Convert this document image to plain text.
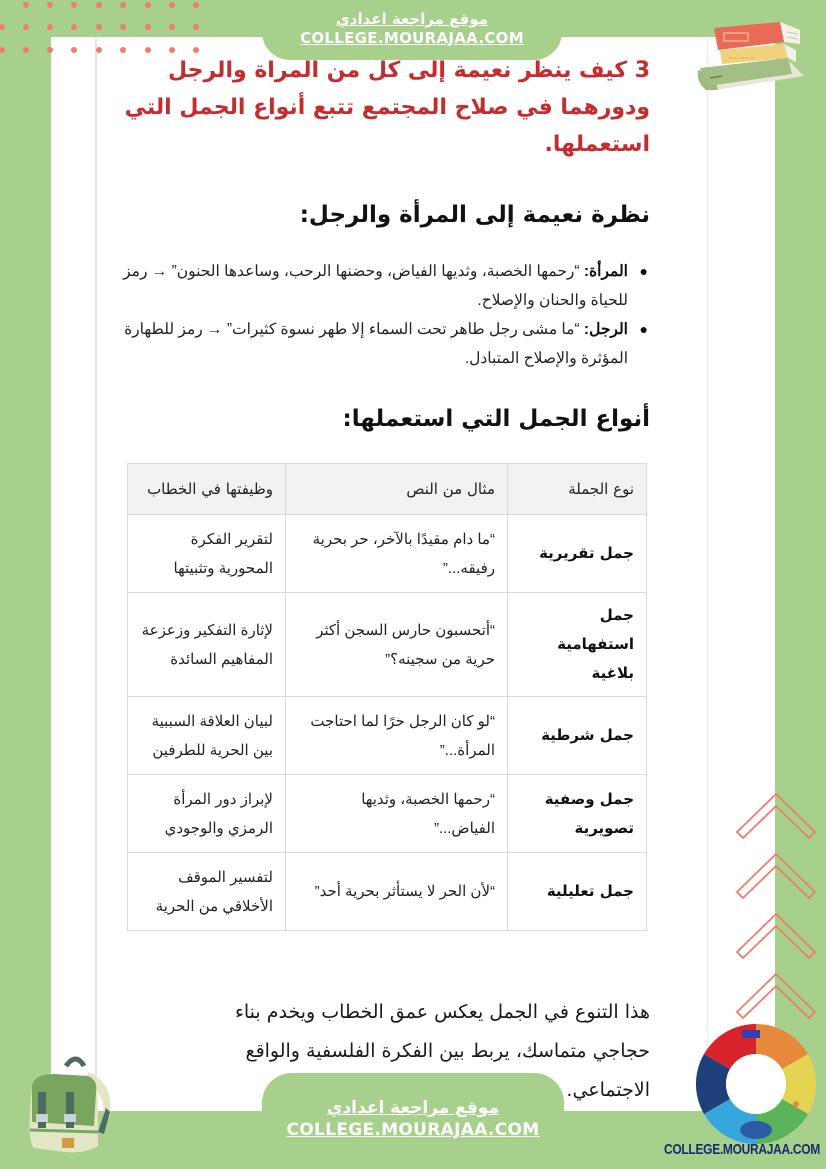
موقع مراجعة اعدادي
COLLEGE.MOURAJAA.COM
~~ ~~~
3 كيف ينظر نعيمة إلى كل من المراة والرجل ودورهما في صلاح المجتمع تتبع أنواع الجمل التي استعملها.
نظرة نعيمة إلى المرأة والرجل:
●
المرأة: “رحمها الخصبة، وثديها الفياض، وحضنها الرحب، وساعدها الحنون” → رمز للحياة والحنان والإصلاح.
●
الرجل: “ما مشى رجل طاهر تحت السماء إلا طهر نسوة كثيرات” → رمز للطهارة المؤثرة والإصلاح المتبادل.
أنواع الجمل التي استعملها:
نوع الجملة	مثال من النص	وظيفتها في الخطاب
جمل تقريرية	“ما دام مقيدًا بالآخر، حر بحرية رفيقه...”	لتقرير الفكرة المحورية وتثبيتها
جمل استفهامية بلاغية	“أتحسبون حارس السجن أكثر حرية من سجينه؟”	لإثارة التفكير وزعزعة المفاهيم السائدة
جمل شرطية	“لو كان الرجل حرًا لما احتاجت المرأة...”	لبيان العلاقة السببية بين الحرية للطرفين
جمل وصفية تصويرية	“رحمها الخصبة، وثديها الفياض...”	لإبراز دور المرأة الرمزي والوجودي
جمل تعليلية	“لأن الحر لا يستأثر بحرية أحد”	لتفسير الموقف الأخلاقي من الحرية

هذا التنوع في الجمل يعكس عمق الخطاب ويخدم بناء حجاجي متماسك، يربط بين الفكرة الفلسفية والواقع الاجتماعي.

COLLEGE.MOURAJAA.COM
موقع مراجعة اعدادي
COLLEGE.MOURAJAA.COM
